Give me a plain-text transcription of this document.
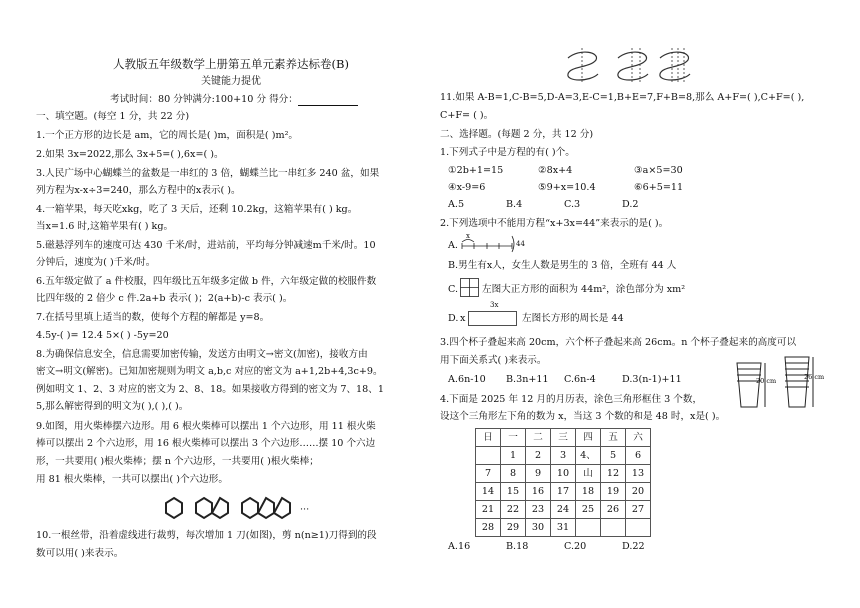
人教版五年级数学上册第五单元素养达标卷(B)
关键能力提优
考试时间：80 分钟满分:100+10 分 得分：
一、填空题。(每空 1 分，共 22 分)
1.一个正方形的边长是 am，它的周长是( )m，面积是( )m²。
2.如果 3x=2022,那么 3x+5=( ),6x=( )。
3.人民广场中心蝴蝶兰的盆数是一串红的 3 倍，蝴蝶兰比一串红多 240 盆，如果
列方程为x-x÷3=240，那么方程中的x表示( )。
4.一箱苹果，每天吃xkg，吃了 3 天后，还剩 10.2kg，这箱苹果有( ) kg。
当x=1.6 时,这箱苹果有( ) kg。
5.磁悬浮列车的速度可达 430 千米/时，进站前，平均每分钟减速m千米/时。10
分钟后，速度为( )千米/时。
6.五年级定做了 a 件校服，四年级比五年级多定做 b 件，六年级定做的校服件数
比四年级的 2 倍少 c 件.2a+b 表示( )；2(a+b)-c 表示( )。
7.在括号里填上适当的数，使每个方程的解都是 y=8。
4.5y-( )= 12.4 5×( ) -5y=20
8.为确保信息安全，信息需要加密传输，发送方由明文→密文(加密)，接收方由
密文→明文(解密)。已知加密规则为明文 a,b,c 对应的密文为 a+1,2b+4,3c+9。
例如明文 1、2、3 对应的密文为 2、8、18。如果接收方得到的密文为 7、18、1
5,那么解密得到的明文为( ),( ),( )。
9.如图，用火柴棒摆六边形。用 6 根火柴棒可以摆出 1 个六边形，用 11 根火柴
棒可以摆出 2 个六边形，用 16 根火柴棒可以摆出 3 个六边形……摆 10 个六边
形，一共要用( )根火柴棒；摆 n 个六边形，一共要用( )根火柴棒；
用 81 根火柴棒，一共可以摆出( )个六边形。
···
10.一根丝带，沿着虚线进行裁剪，每次增加 1 刀(如图)，剪 n(n≥1)刀得到的段
数可以用( )来表示。
11.如果 A-B=1,C-B=5,D-A=3,E-C=1,B+E=7,F+B=8,那么 A+F=( ),C+F=( ),
C+F= ( )。
二、选择题。(每题 2 分，共 12 分)
1.下列式子中是方程的有( )个。
①2b+1=15	②8x+4	③a×5=30
④x-9=6	⑤9+x=10.4	⑥6+5=11
A.5	B.4	C.3	D.2
2.下列选项中不能用方程“x+3x=44”来表示的是( )。
A.
x
44
B.男生有x人，女生人数是男生的 3 倍，全班有 44 人
C. 左图大正方形的面积为 44m²，涂色部分为 xm²
D. x
3x
左图长方形的周长是 44
3.四个杯子叠起来高 20cm，六个杯子叠起来高 26cm。n 个杯子叠起来的高度可以
用下面关系式( )来表示。
A.6n-10 B.3n+11 C.6n-4	D.3(n-1)+11	20 cm	26 cm
4.下面是 2025 年 12 月的月历表，涂色三角形框住 3 个数，
设这个三角形左下角的数为 x，当这 3 个数的和是 48 时，x是( )。
日	一	二	三	四	五	六
	1	2	3	4、	5	6
7	8	9	10	山	12	13
14	15	16	17	18	19	20
21	22	23	24	25	26	27
28	29	30	31			
A.16	B.18	C.20	D.22
